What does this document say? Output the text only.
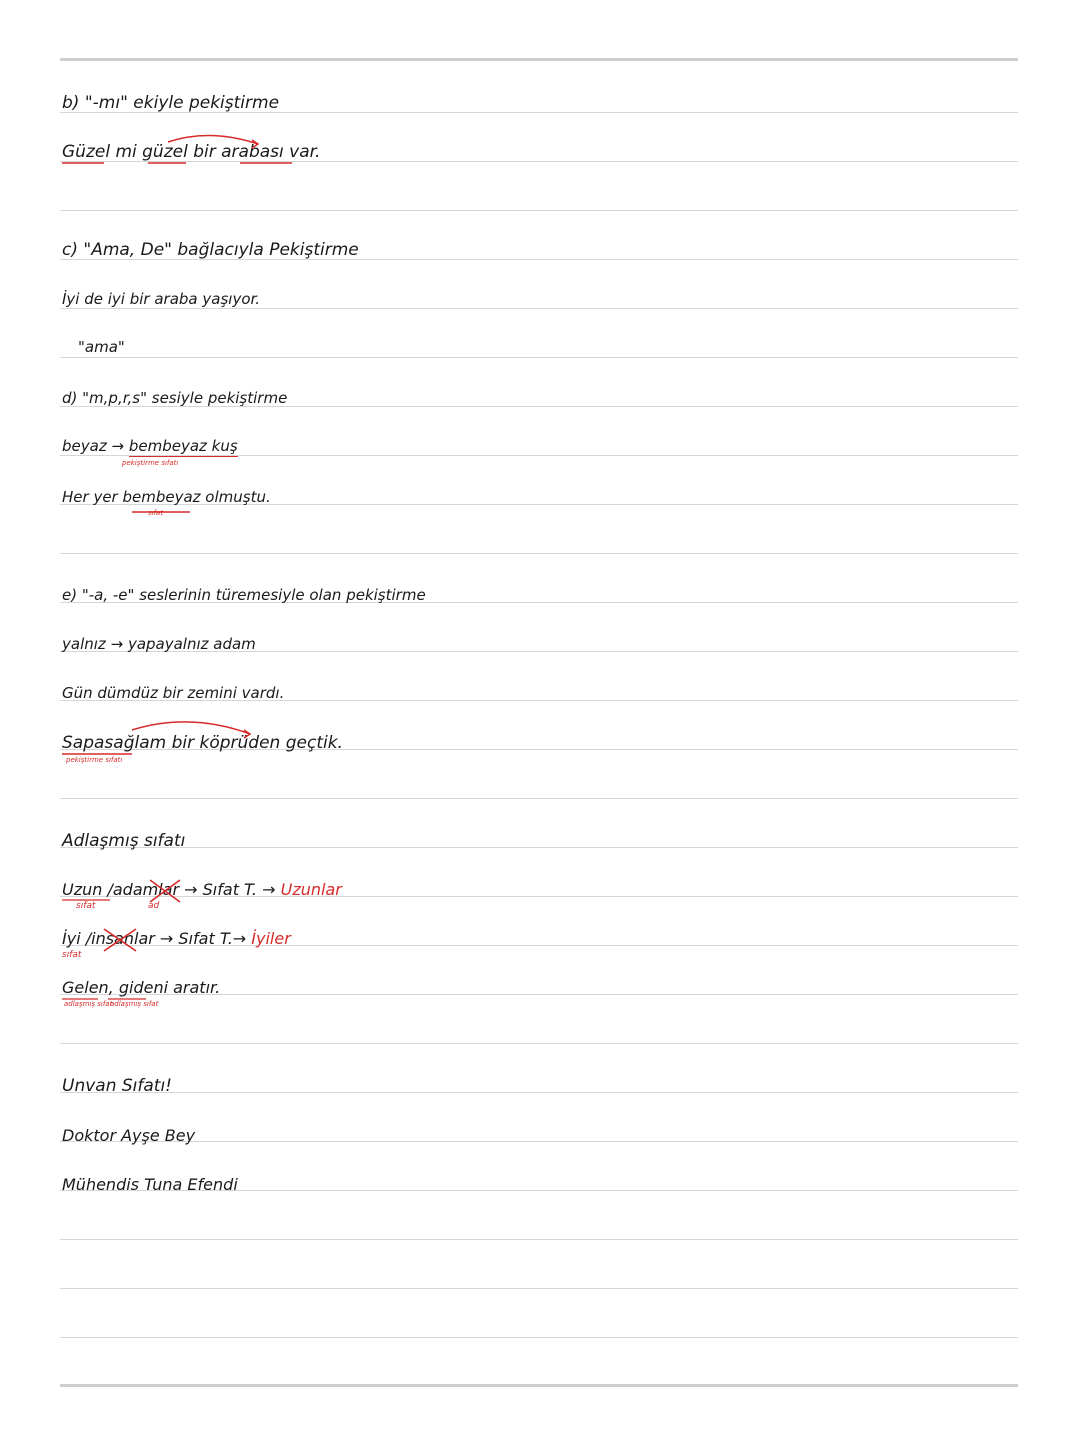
b) "-mı" ekiyle pekiştirme
Güzel mi güzel bir arabası var.
c) "Ama, De" bağlacıyla Pekiştirme
İyi de iyi bir araba yaşıyor.
"ama"
d) "m,p,r,s" sesiyle pekiştirme
beyaz → bembeyaz kuş
pekiştirme sıfatı
Her yer bembeyaz olmuştu.
sıfat
e) "-a, -e" seslerinin türemesiyle olan pekiştirme
yalnız → yapayalnız adam
Gün dümdüz bir zemini vardı.
Sapasağlam bir köprüden geçtik.
pekiştirme sıfatı
Adlaşmış sıfatı
Uzun /adamlar → Sıfat T. → Uzunlar
sıfat	ad
İyi /insanlar → Sıfat T.→ İyiler
sıfat
Gelen, gideni aratır.
adlaşmış sıfat
adlaşmış sıfat
Unvan Sıfatı!
Doktor Ayşe Bey
Mühendis Tuna Efendi
